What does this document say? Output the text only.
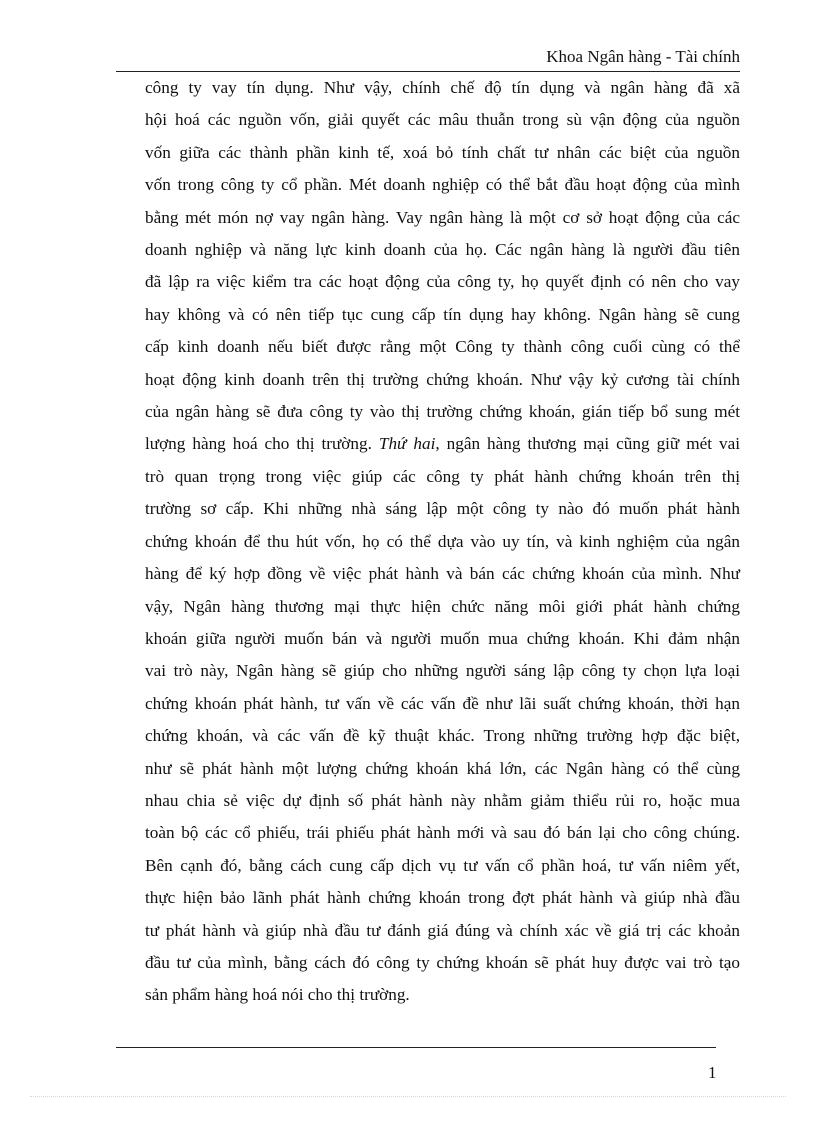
Khoa Ngân hàng - Tài chính
công ty vay tín dụng. Như vậy, chính chế độ tín dụng và ngân hàng đã xã
hội hoá các nguồn vốn, giải quyết các mâu thuẫn trong sù vận động của nguồn
vốn giữa các thành phần kinh tế, xoá bỏ tính chất tư nhân các biệt của nguồn
vốn trong công ty cổ phần. Mét doanh nghiệp có thể bắt đầu hoạt động của mình
bằng mét món nợ vay ngân hàng. Vay ngân hàng là một cơ sở hoạt động của các
doanh nghiệp và năng lực kinh doanh của họ. Các ngân hàng là người đầu tiên
đã lập ra việc kiểm tra các hoạt động của công ty, họ quyết định có nên cho vay
hay không và có nên tiếp tục cung cấp tín dụng hay không. Ngân hàng sẽ cung
cấp kinh doanh nếu biết được rằng một Công ty thành công cuối cùng có thể
hoạt động kinh doanh trên thị trường chứng khoán. Như vậy kỷ cương tài chính
của ngân hàng sẽ đưa công ty vào thị trường chứng khoán, gián tiếp bổ sung mét
lượng hàng hoá cho thị trường. Thứ hai, ngân hàng thương mại cũng giữ mét vai
trò quan trọng trong việc giúp các công ty phát hành chứng khoán trên thị
trường sơ cấp. Khi những nhà sáng lập một công ty nào đó muốn phát hành
chứng khoán để thu hút vốn, họ có thể dựa vào uy tín, và kinh nghiệm của ngân
hàng để ký hợp đồng về việc phát hành và bán các chứng khoán của mình. Như
vậy, Ngân hàng thương mại thực hiện chức năng môi giới phát hành chứng
khoán giữa người muốn bán và người muốn mua chứng khoán. Khi đảm nhận
vai trò này, Ngân hàng sẽ giúp cho những người sáng lập công ty chọn lựa loại
chứng khoán phát hành, tư vấn về các vấn đề như lãi suất chứng khoán, thời hạn
chứng khoán, và các vấn đề kỹ thuật khác. Trong những trường hợp đặc biệt,
như sẽ phát hành một lượng chứng khoán khá lớn, các Ngân hàng có thể cùng
nhau chia sẻ việc dự định số phát hành này nhằm giảm thiểu rủi ro, hoặc mua
toàn bộ các cổ phiếu, trái phiếu phát hành mới và sau đó bán lại cho công chúng.
Bên cạnh đó, bằng cách cung cấp dịch vụ tư vấn cổ phần hoá, tư vấn niêm yết,
thực hiện bảo lãnh phát hành chứng khoán trong đợt phát hành và giúp nhà đầu
tư phát hành và giúp nhà đầu tư đánh giá đúng và chính xác về giá trị các khoản
đầu tư của mình, bằng cách đó công ty chứng khoán sẽ phát huy được vai trò tạo
sản phẩm hàng hoá nói cho thị trường.
1
